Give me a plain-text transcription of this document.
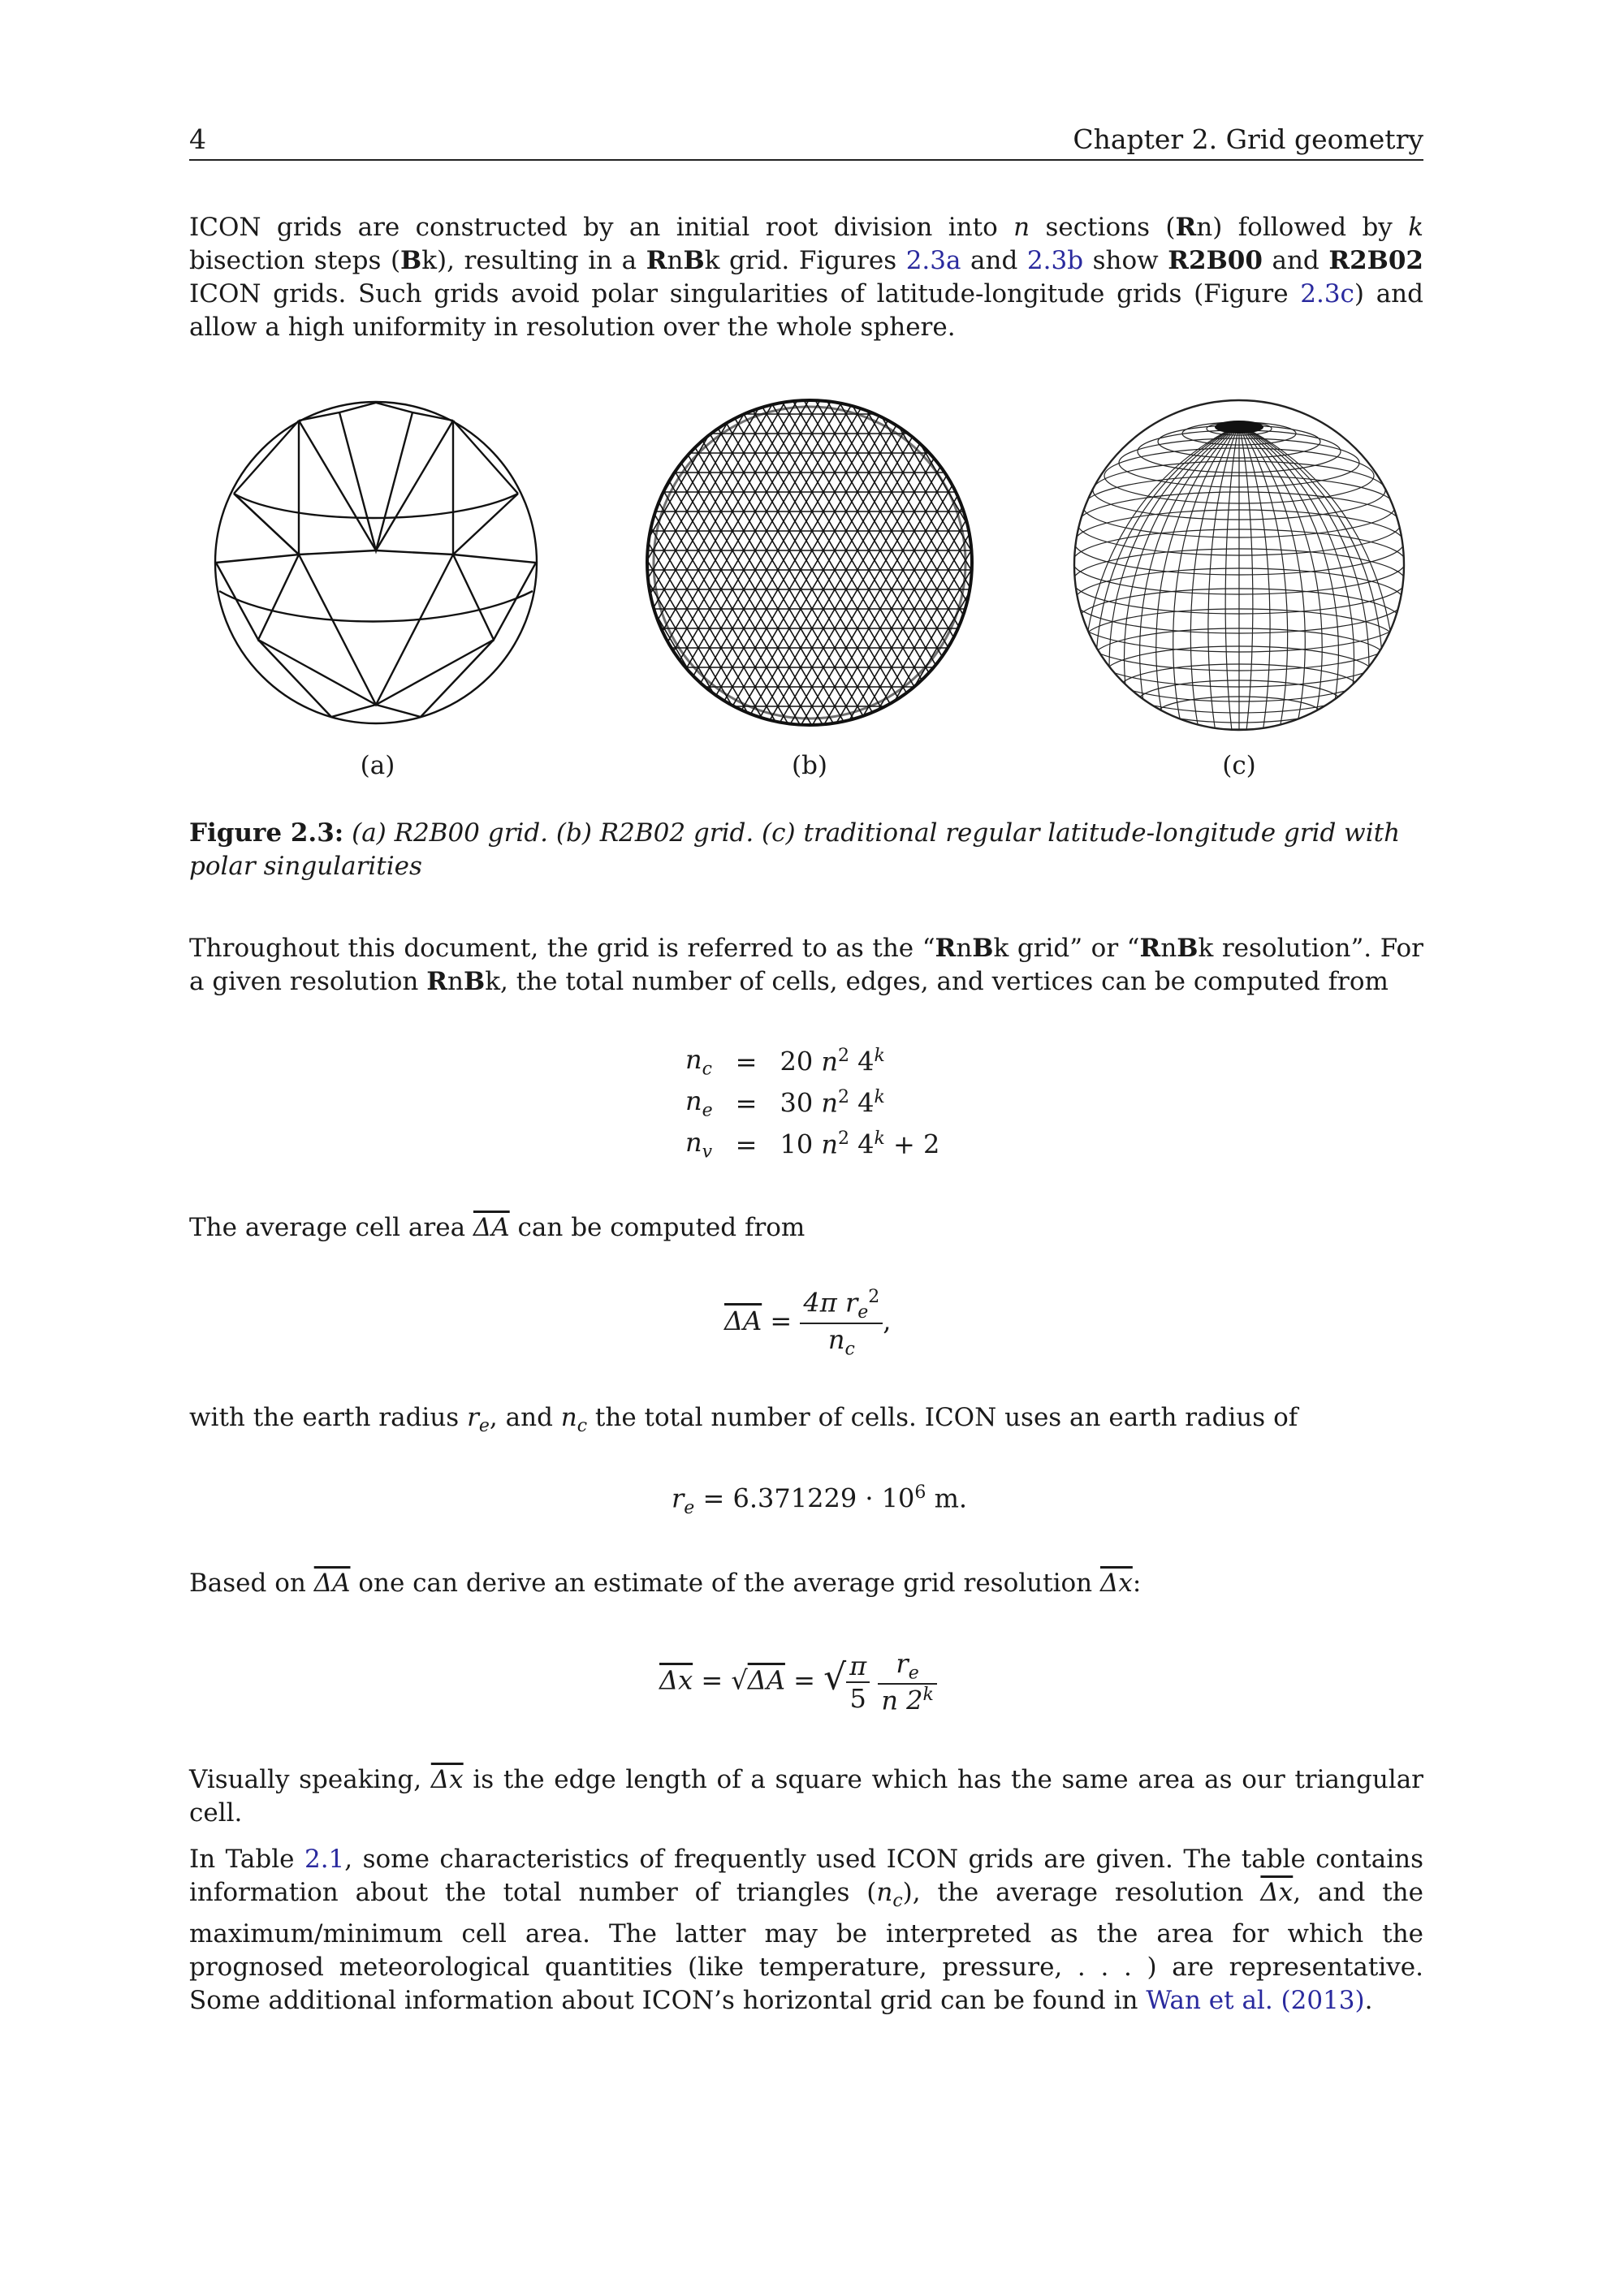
4	Chapter 2. Grid geometry
ICON grids are constructed by an initial root division into n sections (Rn) followed by k bisection steps (Bk), resulting in a RnBk grid. Figures 2.3a and 2.3b show R2B00 and R2B02 ICON grids. Such grids avoid polar singularities of latitude-longitude grids (Figure 2.3c) and allow a high uniformity in resolution over the whole sphere.
(a)	(b)	(c)
Figure 2.3: (a) R2B00 grid. (b) R2B02 grid. (c) traditional regular latitude-longitude grid with polar singularities
Throughout this document, the grid is referred to as the “RnBk grid” or “RnBk resolution”. For a given resolution RnBk, the total number of cells, edges, and vertices can be computed from
$n_c$	=	20 $n^2$ 4$^k$
$n_e$	=	30 $n^2$ 4$^k$
$n_v$	=	10 $n^2$ $4^k + 2$
The average cell area $\overline{\Delta A}$ can be computed from
$\overline{\Delta A} = \frac{4\pi r_e^2}{n_c}$ ,
with the earth radius $r_e$, and $n_c$ the total number of cells. ICON uses an earth radius of
$r_e = 6.371229 \cdot 10^6$ m.
Based on $\overline{\Delta A}$ one can derive an estimate of the average grid resolution $\overline{\Delta x}$:
$\overline{\Delta x} = √\Delta A$ = √ $\frac{\pi}{5}$
$\frac{r_e}{n 2^k}$
Visually speaking, $\overline{\Delta x}$ is the edge length of a square which has the same area as our triangular cell.
In Table 2.1, some characteristics of frequently used ICON grids are given. The table contains information about the total number of triangles $(n_c)$, the average resolution $\overline{\Delta x}$, and the maximum/minimum cell area. The latter may be interpreted as the area for which the prognosed meteorological quantities (like temperature, pressure, . . . ) are representative. Some additional information about ICON’s horizontal grid can be found in Wan et al. (2013).
